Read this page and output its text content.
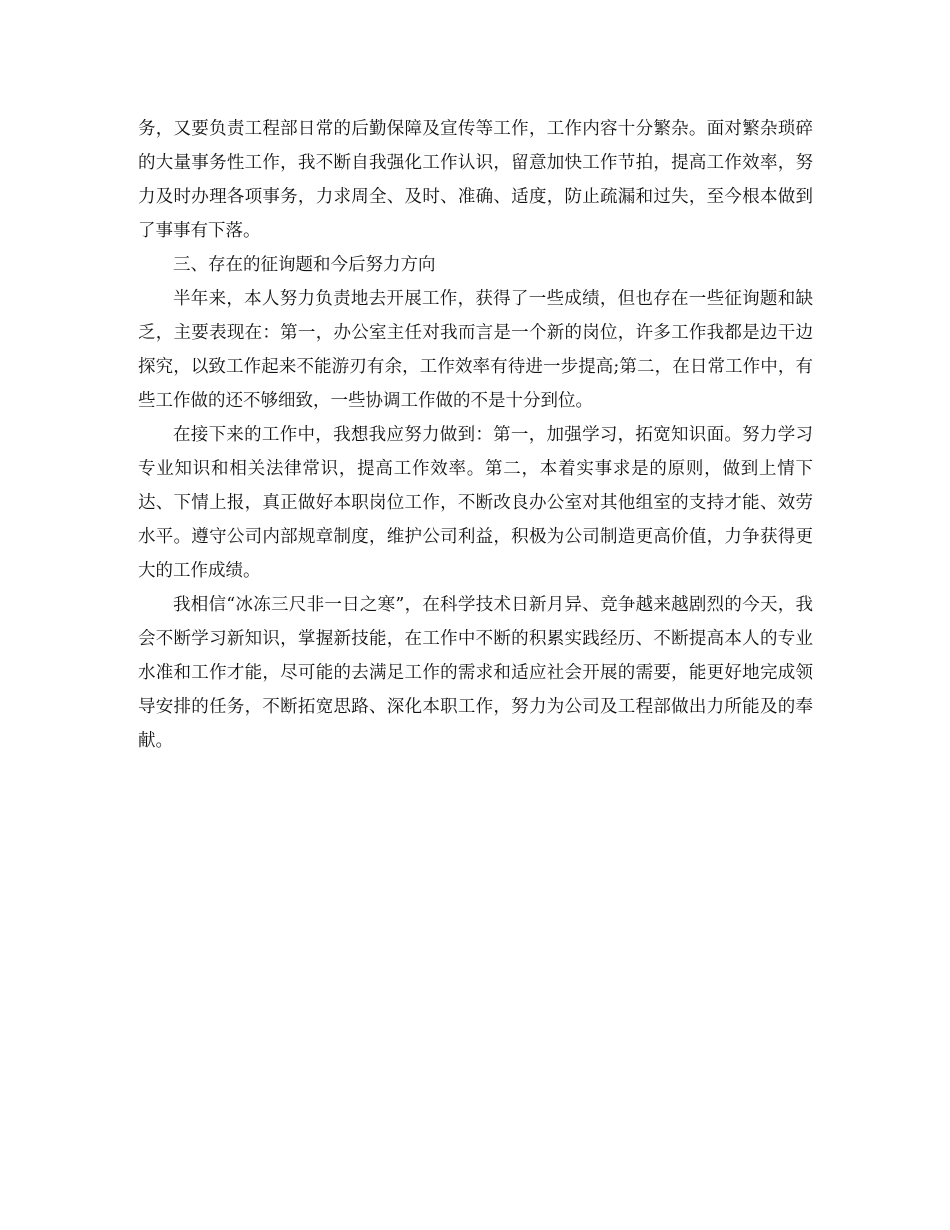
务，又要负责工程部日常的后勤保障及宣传等工作，工作内容十分繁杂。面对繁杂琐碎的大量事务性工作，我不断自我强化工作认识，留意加快工作节拍，提高工作效率，努力及时办理各项事务，力求周全、及时、准确、适度，防止疏漏和过失，至今根本做到了事事有下落。

三、存在的征询题和今后努力方向

半年来，本人努力负责地去开展工作，获得了一些成绩，但也存在一些征询题和缺乏，主要表现在：第一，办公室主任对我而言是一个新的岗位，许多工作我都是边干边探究，以致工作起来不能游刃有余，工作效率有待进一步提高;第二，在日常工作中，有些工作做的还不够细致，一些协调工作做的不是十分到位。

在接下来的工作中，我想我应努力做到：第一，加强学习，拓宽知识面。努力学习专业知识和相关法律常识，提高工作效率。第二，本着实事求是的原则，做到上情下达、下情上报，真正做好本职岗位工作，不断改良办公室对其他组室的支持才能、效劳水平。遵守公司内部规章制度，维护公司利益，积极为公司制造更高价值，力争获得更大的工作成绩。

我相信“冰冻三尺非一日之寒”，在科学技术日新月异、竞争越来越剧烈的今天，我会不断学习新知识，掌握新技能，在工作中不断的积累实践经历、不断提高本人的专业水准和工作才能，尽可能的去满足工作的需求和适应社会开展的需要，能更好地完成领导安排的任务，不断拓宽思路、深化本职工作，努力为公司及工程部做出力所能及的奉献。
